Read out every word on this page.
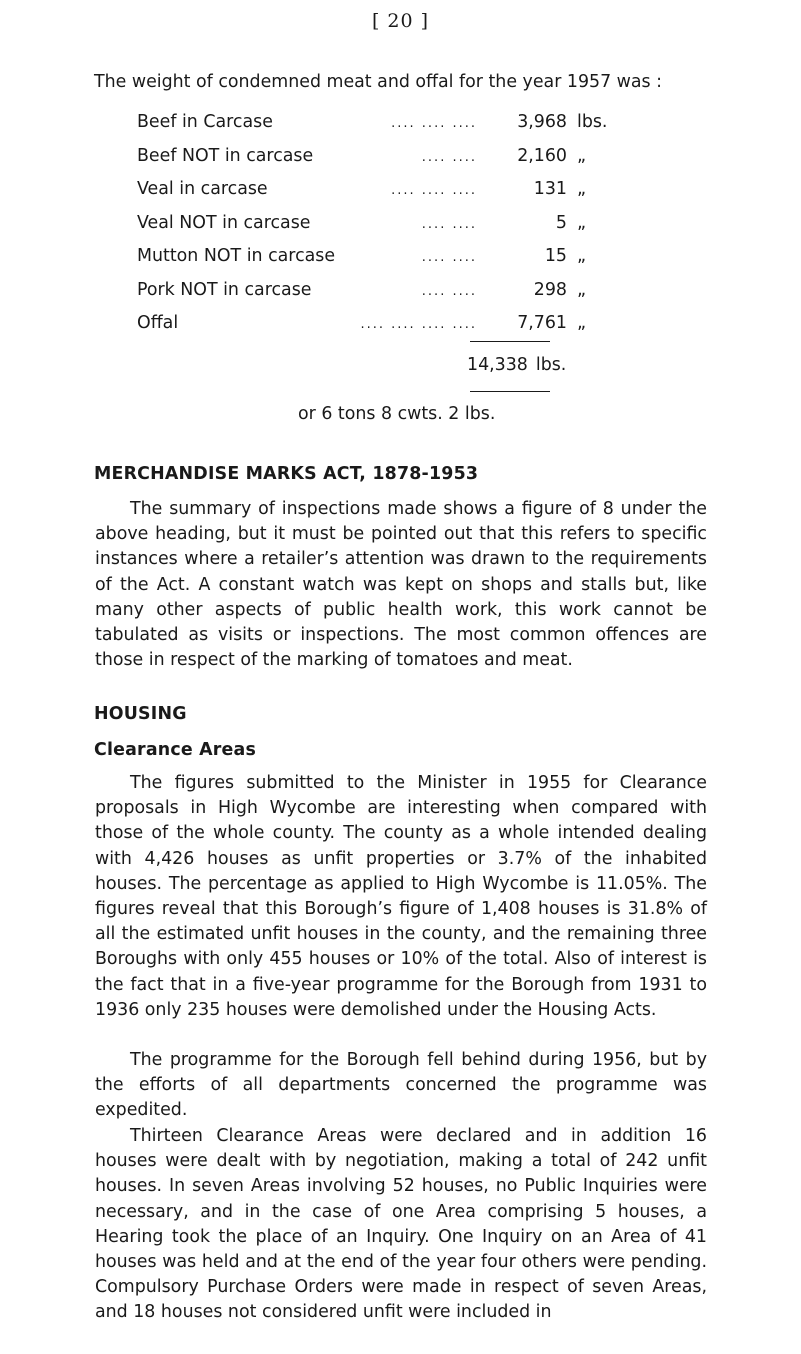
[ 20 ]
The weight of condemned meat and offal for the year 1957 was :
Beef in Carcase	.... .... ....	3,968 lbs.
Beef NOT in carcase	.... ....	2,160 „
Veal in carcase	.... .... ....	131 „
Veal NOT in carcase	.... ....	5 „
Mutton NOT in carcase	.... ....	15 „
Pork NOT in carcase	.... ....	298 „
Offal	.... .... .... ....	7,761 „
14,338 lbs.
or 6 tons 8 cwts. 2 lbs.
MERCHANDISE MARKS ACT, 1878-1953
The summary of inspections made shows a figure of 8 under the above heading, but it must be pointed out that this refers to specific instances where a retailer’s attention was drawn to the requirements of the Act. A constant watch was kept on shops and stalls but, like many other aspects of public health work, this work cannot be tabulated as visits or inspections. The most common offences are those in respect of the marking of tomatoes and meat.
HOUSING
Clearance Areas
The figures submitted to the Minister in 1955 for Clearance proposals in High Wycombe are interesting when compared with those of the whole county. The county as a whole intended dealing with 4,426 houses as unfit properties or 3.7% of the inhabited houses. The percentage as applied to High Wycombe is 11.05%. The figures reveal that this Borough’s figure of 1,408 houses is 31.8% of all the estimated unfit houses in the county, and the remaining three Boroughs with only 455 houses or 10% of the total. Also of interest is the fact that in a five-year programme for the Borough from 1931 to 1936 only 235 houses were demolished under the Housing Acts.
The programme for the Borough fell behind during 1956, but by the efforts of all departments concerned the programme was expedited.
Thirteen Clearance Areas were declared and in addition 16 houses were dealt with by negotiation, making a total of 242 unfit houses. In seven Areas involving 52 houses, no Public Inquiries were necessary, and in the case of one Area comprising 5 houses, a Hearing took the place of an Inquiry. One Inquiry on an Area of 41 houses was held and at the end of the year four others were pending. Compulsory Purchase Orders were made in respect of seven Areas, and 18 houses not considered unfit were included in
